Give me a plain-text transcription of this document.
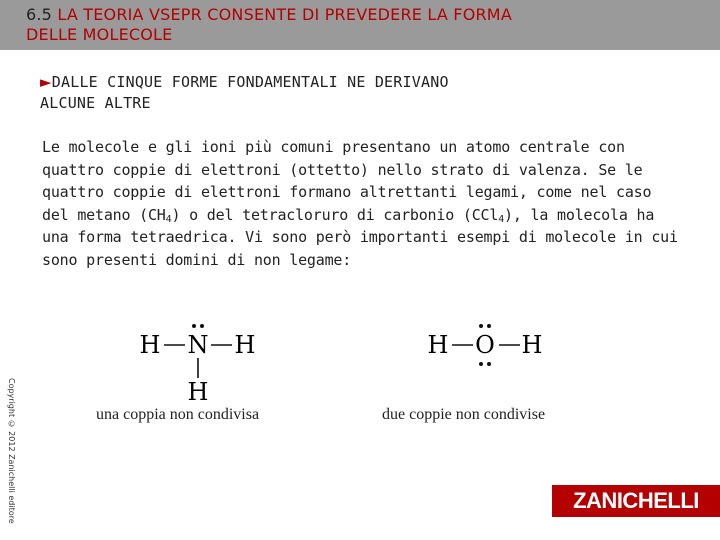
6.5 LA TEORIA VSEPR CONSENTE DI PREVEDERE LA FORMA
DELLE MOLECOLE
►DALLE CINQUE FORME FONDAMENTALI NE DERIVANO
ALCUNE ALTRE
Le molecole e gli ioni più comuni presentano un atomo centrale con quattro coppie di elettroni (ottetto) nello strato di valenza. Se le quattro coppie di elettroni formano altrettanti legami, come nel caso del metano $(CH_4)$ o del tetracloruro di carbonio (CCl$_4$), la molecola ha una forma tetraedrica. Vi sono però importanti esempi di molecole in cui sono presenti domini di non legame:
Copyright © 2012 Zanichelli editore
H N H
H
una coppia non condivisa
H O H
due coppie non condivise
ZANICHELLI
